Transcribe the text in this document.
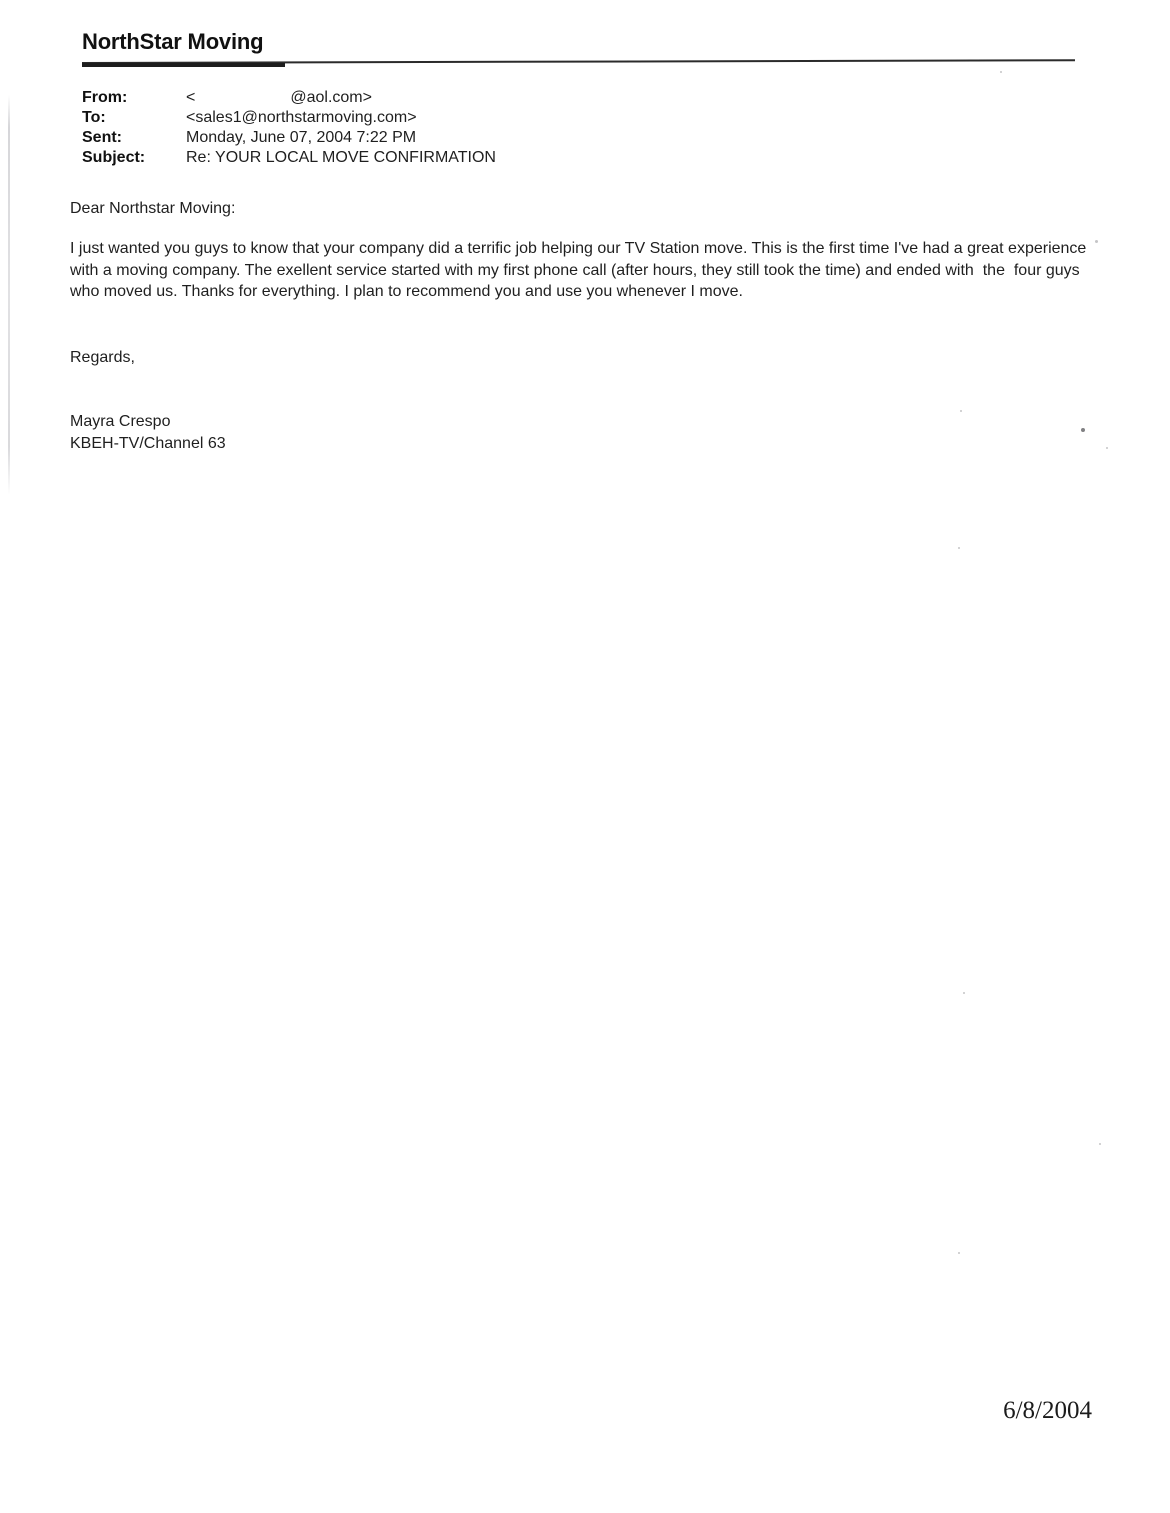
NorthStar Moving
From:	<	@aol.com>
To:	<sales1@northstarmoving.com>
Sent:	Monday, June 07, 2004 7:22 PM
Subject:	Re: YOUR LOCAL MOVE CONFIRMATION
Dear Northstar Moving:

I just wanted you guys to know that your company did a terrific job helping our TV Station move. This is the first time I've had a great experience with a moving company. The exellent service started with my first phone call (after hours, they still took the time) and ended with  the  four guys who moved us. Thanks for everything. I plan to recommend you and use you whenever I move.

Regards,
Mayra Crespo
KBEH-TV/Channel 63
6/8/2004
